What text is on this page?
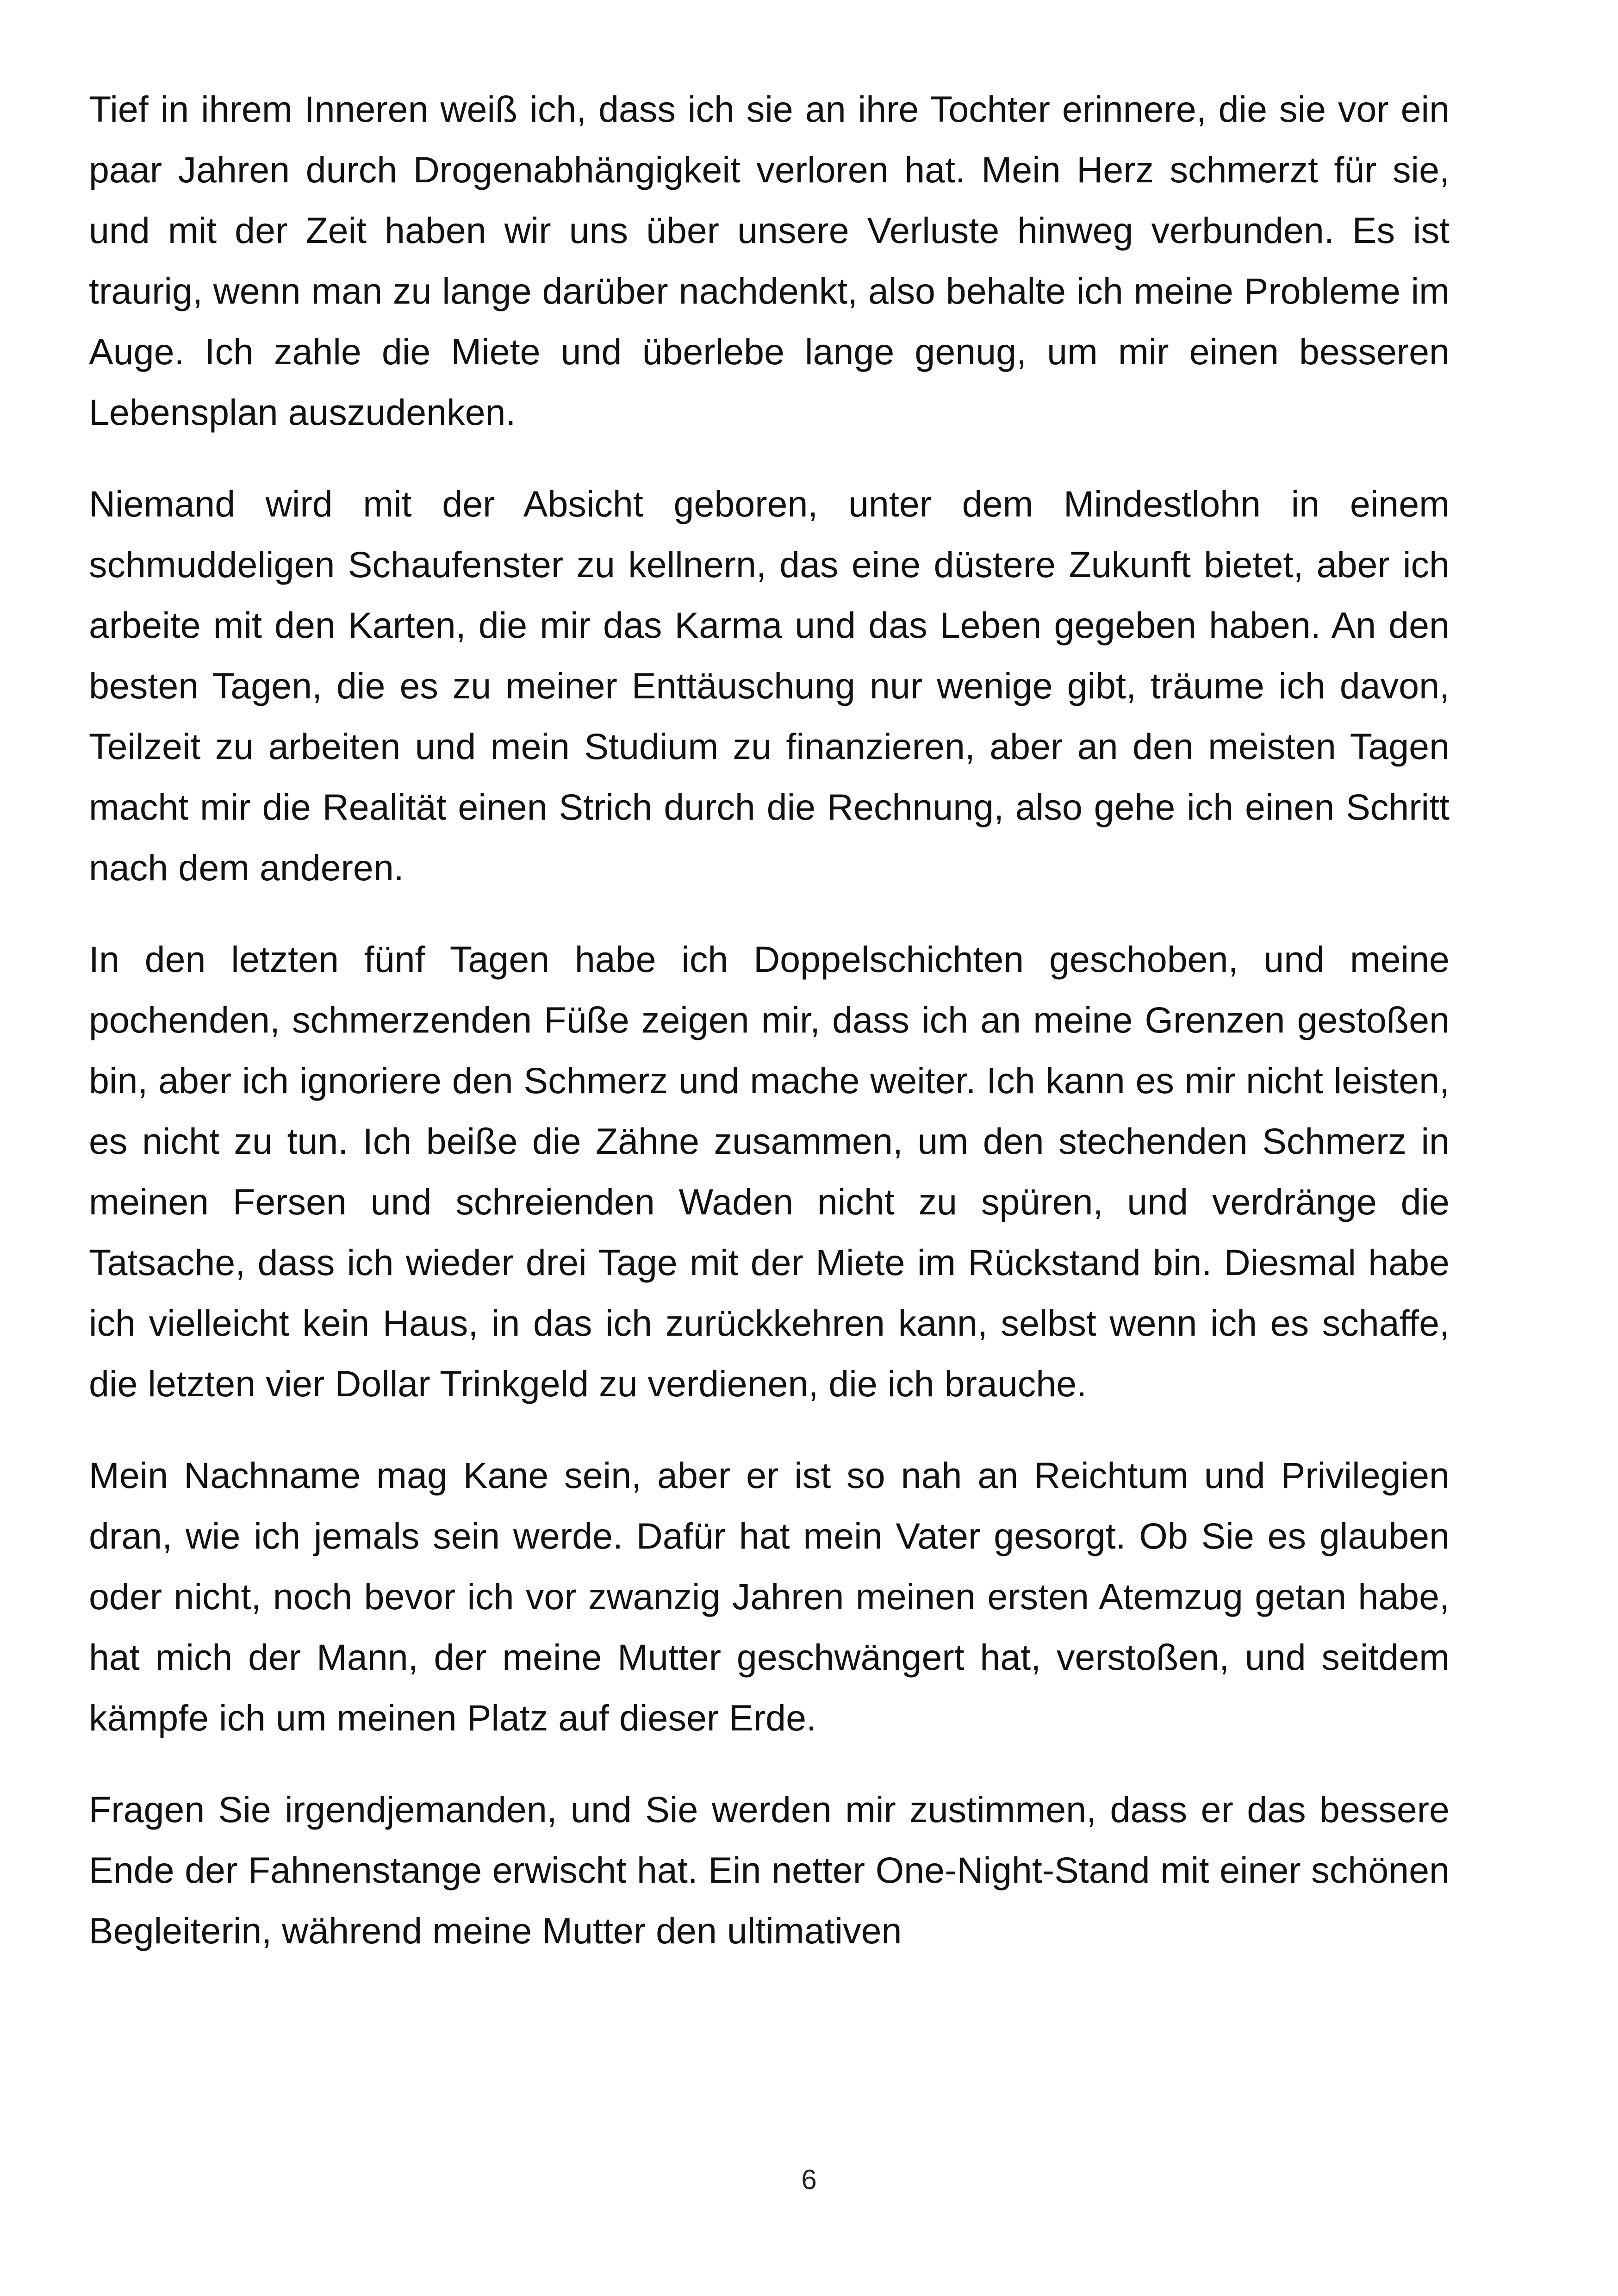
Tief in ihrem Inneren weiß ich, dass ich sie an ihre Tochter erinnere, die sie vor ein paar Jahren durch Drogenabhängigkeit verloren hat. Mein Herz schmerzt für sie, und mit der Zeit haben wir uns über unsere Verluste hinweg verbunden. Es ist traurig, wenn man zu lange darüber nachdenkt, also behalte ich meine Probleme im Auge. Ich zahle die Miete und überlebe lange genug, um mir einen besseren Lebensplan auszudenken.

Niemand wird mit der Absicht geboren, unter dem Mindestlohn in einem schmuddeligen Schaufenster zu kellnern, das eine düstere Zukunft bietet, aber ich arbeite mit den Karten, die mir das Karma und das Leben gegeben haben. An den besten Tagen, die es zu meiner Enttäuschung nur wenige gibt, träume ich davon, Teilzeit zu arbeiten und mein Studium zu finanzieren, aber an den meisten Tagen macht mir die Realität einen Strich durch die Rechnung, also gehe ich einen Schritt nach dem anderen.

In den letzten fünf Tagen habe ich Doppelschichten geschoben, und meine pochenden, schmerzenden Füße zeigen mir, dass ich an meine Grenzen gestoßen bin, aber ich ignoriere den Schmerz und mache weiter. Ich kann es mir nicht leisten, es nicht zu tun. Ich beiße die Zähne zusammen, um den stechenden Schmerz in meinen Fersen und schreienden Waden nicht zu spüren, und verdränge die Tatsache, dass ich wieder drei Tage mit der Miete im Rückstand bin. Diesmal habe ich vielleicht kein Haus, in das ich zurückkehren kann, selbst wenn ich es schaffe, die letzten vier Dollar Trinkgeld zu verdienen, die ich brauche.

Mein Nachname mag Kane sein, aber er ist so nah an Reichtum und Privilegien dran, wie ich jemals sein werde. Dafür hat mein Vater gesorgt. Ob Sie es glauben oder nicht, noch bevor ich vor zwanzig Jahren meinen ersten Atemzug getan habe, hat mich der Mann, der meine Mutter geschwängert hat, verstoßen, und seitdem kämpfe ich um meinen Platz auf dieser Erde.

Fragen Sie irgendjemanden, und Sie werden mir zustimmen, dass er das bessere Ende der Fahnenstange erwischt hat. Ein netter One-Night-Stand mit einer schönen Begleiterin, während meine Mutter den ultimativen

6
